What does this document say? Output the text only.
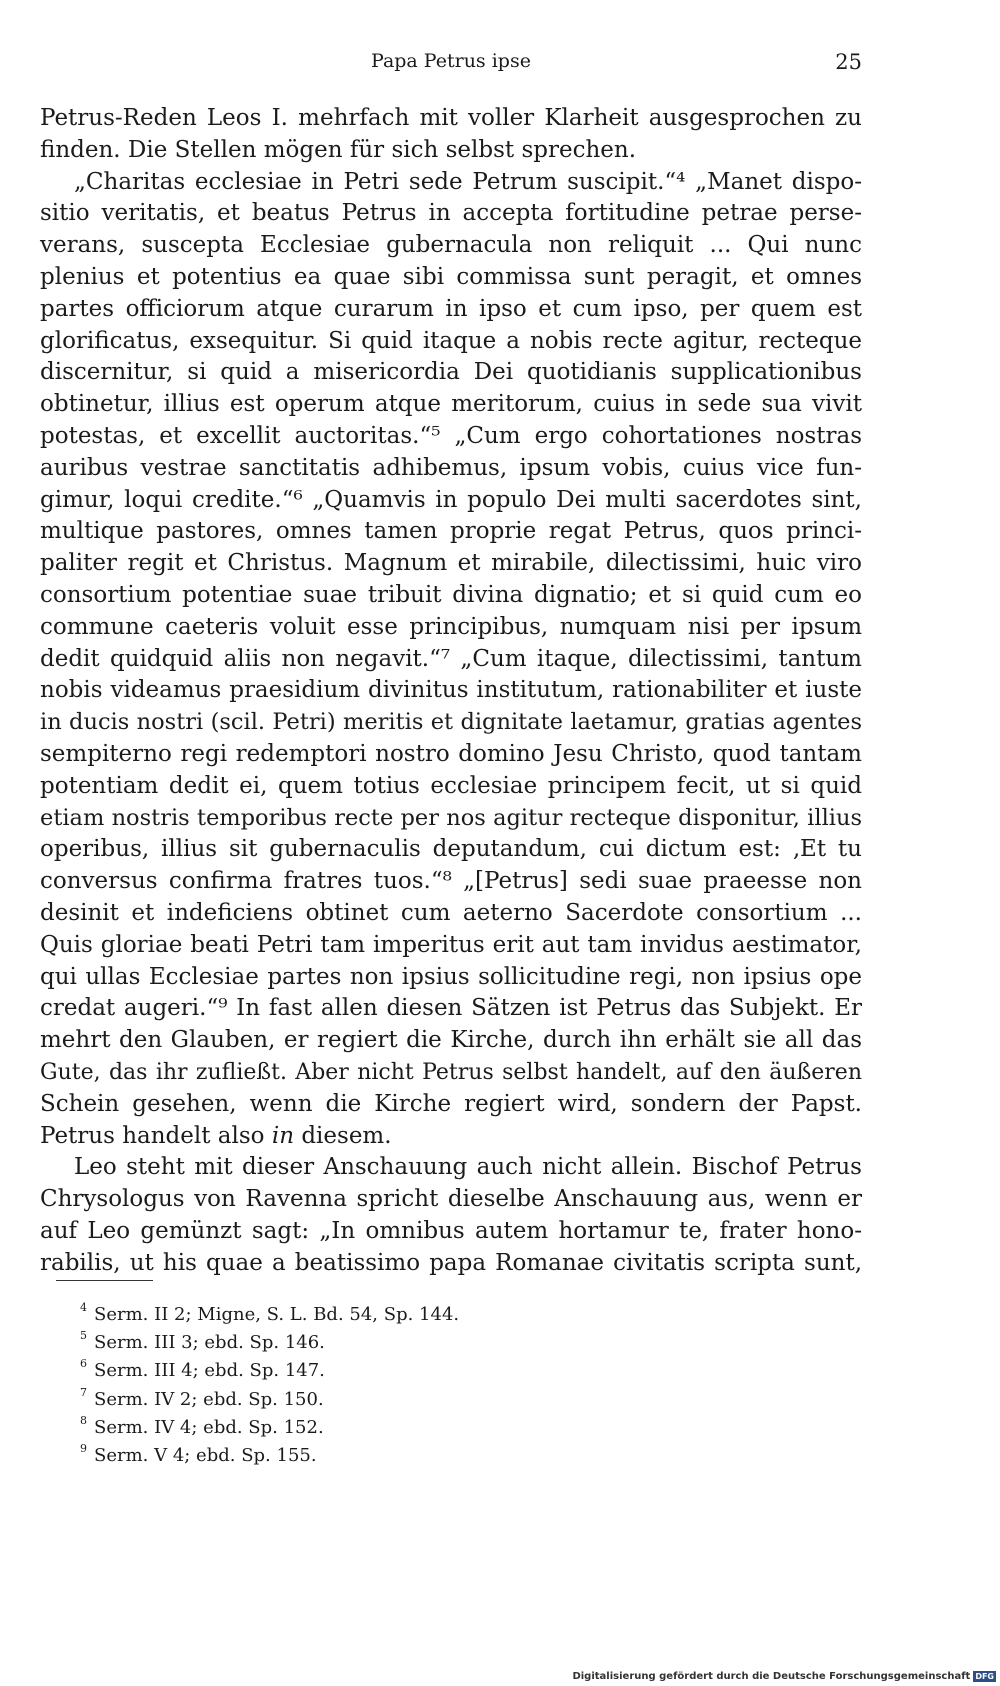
Papa Petrus ipse	25
Petrus-Reden Leos I. mehrfach mit voller Klarheit ausgesprochen zu
finden. Die Stellen mögen für sich selbst sprechen.
„Charitas ecclesiae in Petri sede Petrum suscipit.“⁴ „Manet dispo-
sitio veritatis, et beatus Petrus in accepta fortitudine petrae perse-
verans, suscepta Ecclesiae gubernacula non reliquit ... Qui nunc
plenius et potentius ea quae sibi commissa sunt peragit, et omnes
partes officiorum atque curarum in ipso et cum ipso, per quem est
glorificatus, exsequitur. Si quid itaque a nobis recte agitur, recteque
discernitur, si quid a misericordia Dei quotidianis supplicationibus
obtinetur, illius est operum atque meritorum, cuius in sede sua vivit
potestas, et excellit auctoritas.“⁵ „Cum ergo cohortationes nostras
auribus vestrae sanctitatis adhibemus, ipsum vobis, cuius vice fun-
gimur, loqui credite.“⁶ „Quamvis in populo Dei multi sacerdotes sint,
multique pastores, omnes tamen proprie regat Petrus, quos princi-
paliter regit et Christus. Magnum et mirabile, dilectissimi, huic viro
consortium potentiae suae tribuit divina dignatio; et si quid cum eo
commune caeteris voluit esse principibus, numquam nisi per ipsum
dedit quidquid aliis non negavit.“⁷ „Cum itaque, dilectissimi, tantum
nobis videamus praesidium divinitus institutum, rationabiliter et iuste
in ducis nostri (scil. Petri) meritis et dignitate laetamur, gratias agentes
sempiterno regi redemptori nostro domino Jesu Christo, quod tantam
potentiam dedit ei, quem totius ecclesiae principem fecit, ut si quid
etiam nostris temporibus recte per nos agitur recteque disponitur, illius
operibus, illius sit gubernaculis deputandum, cui dictum est: ‚Et tu
conversus confirma fratres tuos.“⁸ „[Petrus] sedi suae praeesse non
desinit et indeficiens obtinet cum aeterno Sacerdote consortium ...
Quis gloriae beati Petri tam imperitus erit aut tam invidus aestimator,
qui ullas Ecclesiae partes non ipsius sollicitudine regi, non ipsius ope
credat augeri.“⁹ In fast allen diesen Sätzen ist Petrus das Subjekt. Er
mehrt den Glauben, er regiert die Kirche, durch ihn erhält sie all das
Gute, das ihr zufließt. Aber nicht Petrus selbst handelt, auf den äußeren
Schein gesehen, wenn die Kirche regiert wird, sondern der Papst.
Petrus handelt also in diesem.
Leo steht mit dieser Anschauung auch nicht allein. Bischof Petrus
Chrysologus von Ravenna spricht dieselbe Anschauung aus, wenn er
auf Leo gemünzt sagt: „In omnibus autem hortamur te, frater hono-
rabilis, ut his quae a beatissimo papa Romanae civitatis scripta sunt,
$^4$ Serm. II 2; Migne, S. L. Bd. 54, Sp. 144.
$^5$ Serm. III 3; ebd. Sp. 146.
$^6$ Serm. III 4; ebd. Sp. 147.
$^7$ Serm. IV 2; ebd. Sp. 150.
$^8$ Serm. IV 4; ebd. Sp. 152.
$^9$ Serm. V 4; ebd. Sp. 155.
Digitalisierung gefördert durch die Deutsche Forschungsgemeinschaft DFG
